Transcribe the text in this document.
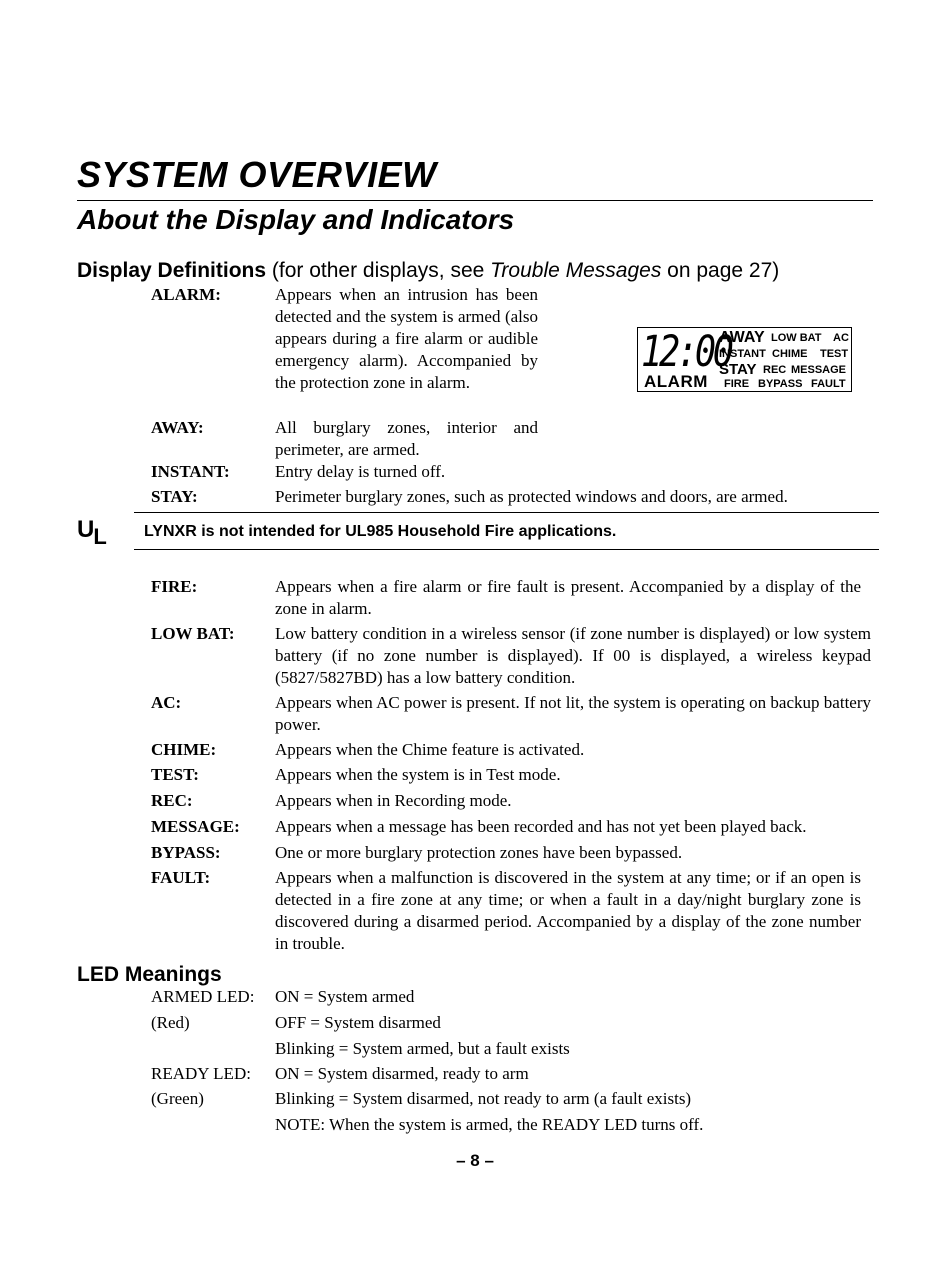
SYSTEM OVERVIEW
About the Display and Indicators
Display Definitions (for other displays, see Trouble Messages on page 27)
ALARM:	Appears when an intrusion has been detected and the system is armed (also appears during a fire alarm or audible emergency alarm). Accompanied by the protection zone in alarm.
AWAY:	All burglary zones, interior and perimeter, are armed.
INSTANT:	Entry delay is turned off.
STAY:	Perimeter burglary zones, such as protected windows and doors, are armed.
12:00
ALARM
AWAY LOW BAT AC
INSTANT CHIME TEST
STAY REC MESSAGE
FIRE BYPASS FAULT
UL LYNXR is not intended for UL985 Household Fire applications.
FIRE:	Appears when a fire alarm or fire fault is present. Accompanied by a display of the zone in alarm.
LOW BAT: Low battery condition in a wireless sensor (if zone number is displayed) or low system battery (if no zone number is displayed). If 00 is displayed, a wireless keypad (5827/5827BD) has a low battery condition.
AC:	Appears when AC power is present. If not lit, the system is operating on backup battery power.
CHIME:	Appears when the Chime feature is activated.
TEST:	Appears when the system is in Test mode.
REC:	Appears when in Recording mode.
MESSAGE: Appears when a message has been recorded and has not yet been played back.
BYPASS:	One or more burglary protection zones have been bypassed.
FAULT:	Appears when a malfunction is discovered in the system at any time; or if an open is detected in a fire zone at any time; or when a fault in a day/night burglary zone is discovered during a disarmed period. Accompanied by a display of the zone number in trouble.
LED Meanings
ARMED LED: ON = System armed
(Red)	OFF = System disarmed
Blinking = System armed, but a fault exists
READY LED: ON = System disarmed, ready to arm
(Green)	Blinking = System disarmed, not ready to arm (a fault exists)
NOTE: When the system is armed, the READY LED turns off.
– 8 –
